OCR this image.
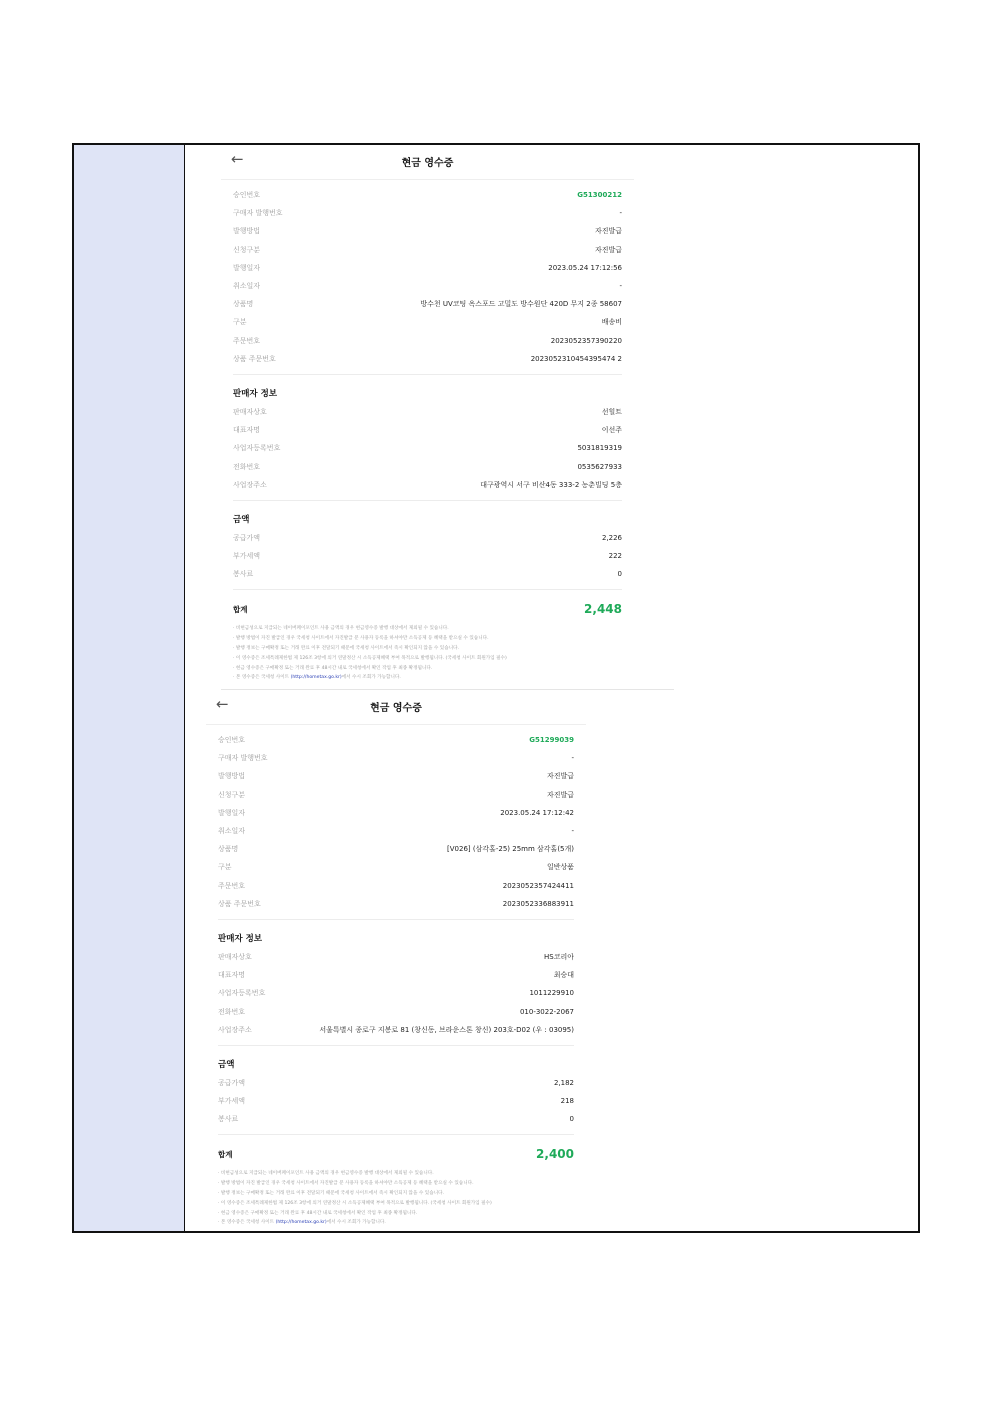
←	현금 영수증
승인번호	G51300212
구매자 발행번호	-
발행방법	자진발급
신청구분	자진발급
발행일자	2023.05.24 17:12:56
취소일자	-
상품명	방수천 UV코팅 옥스포드 고밀도 방수원단 420D 무지 2종 58607
구분	배송비
주문번호	2023052357390220
상품 주문번호	2023052310454395474 2
판매자 정보
판매자상호	선힐트
대표자명	이선주
사업자등록번호	5031819319
전화번호	0535627933
사업장주소	대구광역시 서구 비산4동 333-2 농춘빌딩 5층
금액
공급가액	2,226
부가세액	222
봉사료	0
합계	2,448
· 비현금성으로 지급되는 네이버페이포인트 사용 금액의 경우 현금영수증 발행 대상에서 제외될 수 있습니다.
· 발행 방법이 자진 발급인 경우 국세청 사이트에서 자진발급 분 사용자 등록을 하셔야만 소득공제 등 혜택을 받으실 수 있습니다.
· 발행 정보는 구매확정 또는 거래 완료 이후 전달되기 때문에 국세청 사이트에서 즉시 확인되지 않을 수 있습니다.
· 이 영수증은 조세특례제한법 제 126조 3항에 의거 연말정산 시 소득공제혜택 부여 목적으로 발행됩니다. (국세청 사이트 회원가입 필수)
· 현금 영수증은 구매확정 또는 거래 완료 후 48시간 내로 국세청에서 확인 작업 후 최종 확정됩니다.
· 본 영수증은 국세청 사이트 (http://hometax.go.kr)에서 수시 조회가 가능합니다.
←	현금 영수증
승인번호	G51299039
구매자 발행번호	-
발행방법	자진발급
신청구분	자진발급
발행일자	2023.05.24 17:12:42
취소일자	-
상품명	[V026] (삼각홀-25) 25mm 삼각홀(5개)
구분	일반상품
주문번호	2023052357424411
상품 주문번호	2023052336883911
판매자 정보
판매자상호	HS코리아
대표자명	최승대
사업자등록번호	1011229910
전화번호	010-3022-2067
사업장주소	서울특별시 종로구 지봉로 81 (창신동, 브라운스톤 창신) 203호-D02 (우 : 03095)
금액
공급가액	2,182
부가세액	218
봉사료	0
합계	2,400
· 비현금성으로 지급되는 네이버페이포인트 사용 금액의 경우 현금영수증 발행 대상에서 제외될 수 있습니다.
· 발행 방법이 자진 발급인 경우 국세청 사이트에서 자진발급 분 사용자 등록을 하셔야만 소득공제 등 혜택을 받으실 수 있습니다.
· 발행 정보는 구매확정 또는 거래 완료 이후 전달되기 때문에 국세청 사이트에서 즉시 확인되지 않을 수 있습니다.
· 이 영수증은 조세특례제한법 제 126조 3항에 의거 연말정산 시 소득공제혜택 부여 목적으로 발행됩니다. (국세청 사이트 회원가입 필수)
· 현금 영수증은 구매확정 또는 거래 완료 후 48시간 내로 국세청에서 확인 작업 후 최종 확정됩니다.
· 본 영수증은 국세청 사이트 (http://hometax.go.kr)에서 수시 조회가 가능합니다.
